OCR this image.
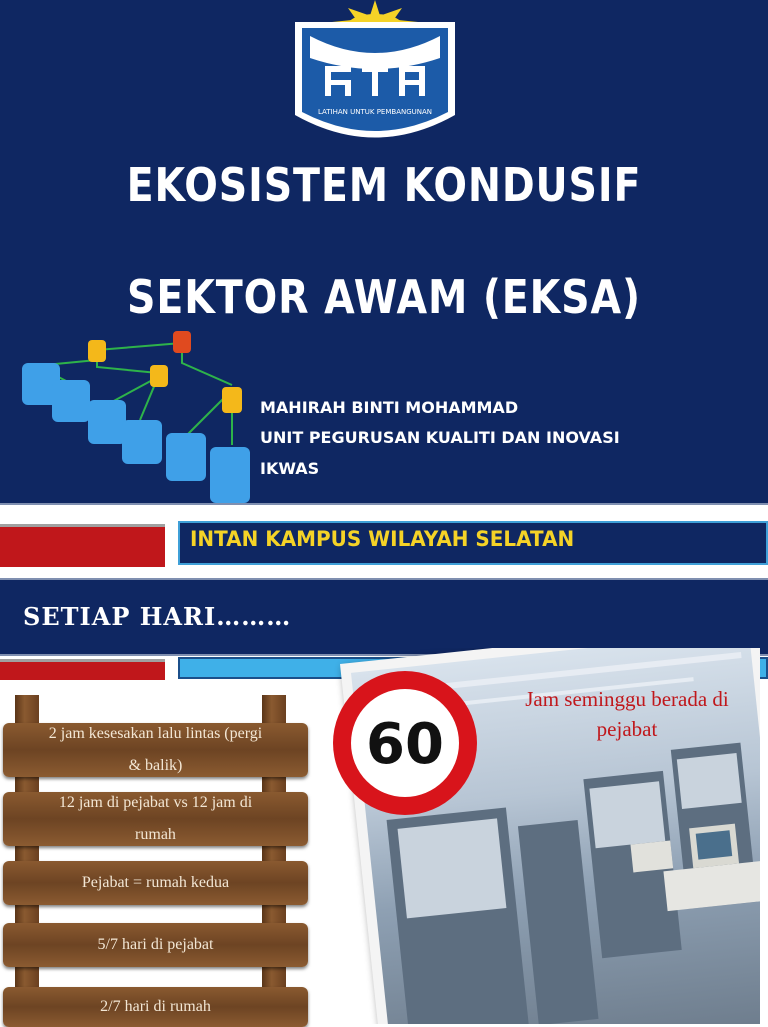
LATIHAN UNTUK PEMBANGUNAN
EKOSISTEM KONDUSIF
SEKTOR AWAM (EKSA)
MAHIRAH BINTI MOHAMMAD
UNIT PEGURUSAN KUALITI DAN INOVASI
IKWAS
INTAN KAMPUS WILAYAH SELATAN
SETIAP HARI………
2 jam kesesakan lalu lintas (pergi
& balik)
12 jam di pejabat vs 12 jam di
rumah
Pejabat = rumah kedua
5/7 hari di pejabat
2/7 hari di rumah
60
Jam seminggu berada di
pejabat
